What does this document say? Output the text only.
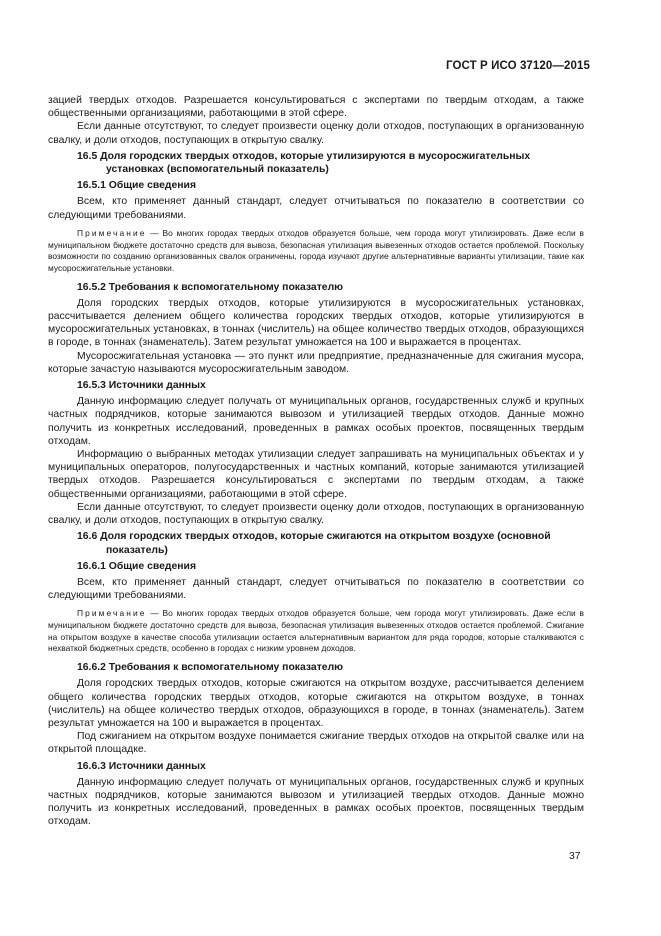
ГОСТ Р ИСО 37120—2015

зацией твердых отходов. Разрешается консультироваться с экспертами по твердым отходам, а также общественными организациями, работающими в этой сфере.

Если данные отсутствуют, то следует произвести оценку доли отходов, поступающих в организованную свалку, и доли отходов, поступающих в открытую свалку.

16.5 Доля городских твердых отходов, которые утилизируются в мусоросжигательных
установках (вспомогательный показатель)
16.5.1 Общие сведения

Всем, кто применяет данный стандарт, следует отчитываться по показателю в соответствии со следующими требованиями.

Примечание — Во многих городах твердых отходов образуется больше, чем города могут утилизировать. Даже если в муниципальном бюджете достаточно средств для вывоза, безопасная утилизация вывезенных отходов остается проблемой. Поскольку возможности по созданию организованных свалок ограничены, города изучают другие альтернативные варианты утилизации, такие как мусоросжигательные установки.

16.5.2 Требования к вспомогательному показателю

Доля городских твердых отходов, которые утилизируются в мусоросжигательных установках, рассчитывается делением общего количества городских твердых отходов, которые утилизируются в мусоросжигательных установках, в тоннах (числитель) на общее количество твердых отходов, образующихся в городе, в тоннах (знаменатель). Затем результат умножается на 100 и выражается в процентах.

Мусоросжигательная установка — это пункт или предприятие, предназначенные для сжигания мусора, которые зачастую называются мусоросжигательным заводом.

16.5.3 Источники данных

Данную информацию следует получать от муниципальных органов, государственных служб и крупных частных подрядчиков, которые занимаются вывозом и утилизацией твердых отходов. Данные можно получить из конкретных исследований, проведенных в рамках особых проектов, посвященных твердым отходам.

Информацию о выбранных методах утилизации следует запрашивать на муниципальных объектах и у муниципальных операторов, полугосударственных и частных компаний, которые занимаются утилизацией твердых отходов. Разрешается консультироваться с экспертами по твердым отходам, а также общественными организациями, работающими в этой сфере.

Если данные отсутствуют, то следует произвести оценку доли отходов, поступающих в организованную свалку, и доли отходов, поступающих в открытую свалку.

16.6 Доля городских твердых отходов, которые сжигаются на открытом воздухе (основной
показатель)
16.6.1 Общие сведения

Всем, кто применяет данный стандарт, следует отчитываться по показателю в соответствии со следующими требованиями.

Примечание — Во многих городах твердых отходов образуется больше, чем города могут утилизировать. Даже если в муниципальном бюджете достаточно средств для вывоза, безопасная утилизация вывезенных отходов остается проблемой. Сжигание на открытом воздухе в качестве способа утилизации остается альтернативным вариантом для ряда городов, которые сталкиваются с нехваткой бюджетных средств, особенно в городах с низким уровнем доходов.

16.6.2 Требования к вспомогательному показателю

Доля городских твердых отходов, которые сжигаются на открытом воздухе, рассчитывается делением общего количества городских твердых отходов, которые сжигаются на открытом воздухе, в тоннах (числитель) на общее количество твердых отходов, образующихся в городе, в тоннах (знаменатель). Затем результат умножается на 100 и выражается в процентах.

Под сжиганием на открытом воздухе понимается сжигание твердых отходов на открытой свалке или на открытой площадке.

16.6.3 Источники данных

Данную информацию следует получать от муниципальных органов, государственных служб и крупных частных подрядчиков, которые занимаются вывозом и утилизацией твердых отходов. Данные можно получить из конкретных исследований, проведенных в рамках особых проектов, посвященных твердым отходам.

37
